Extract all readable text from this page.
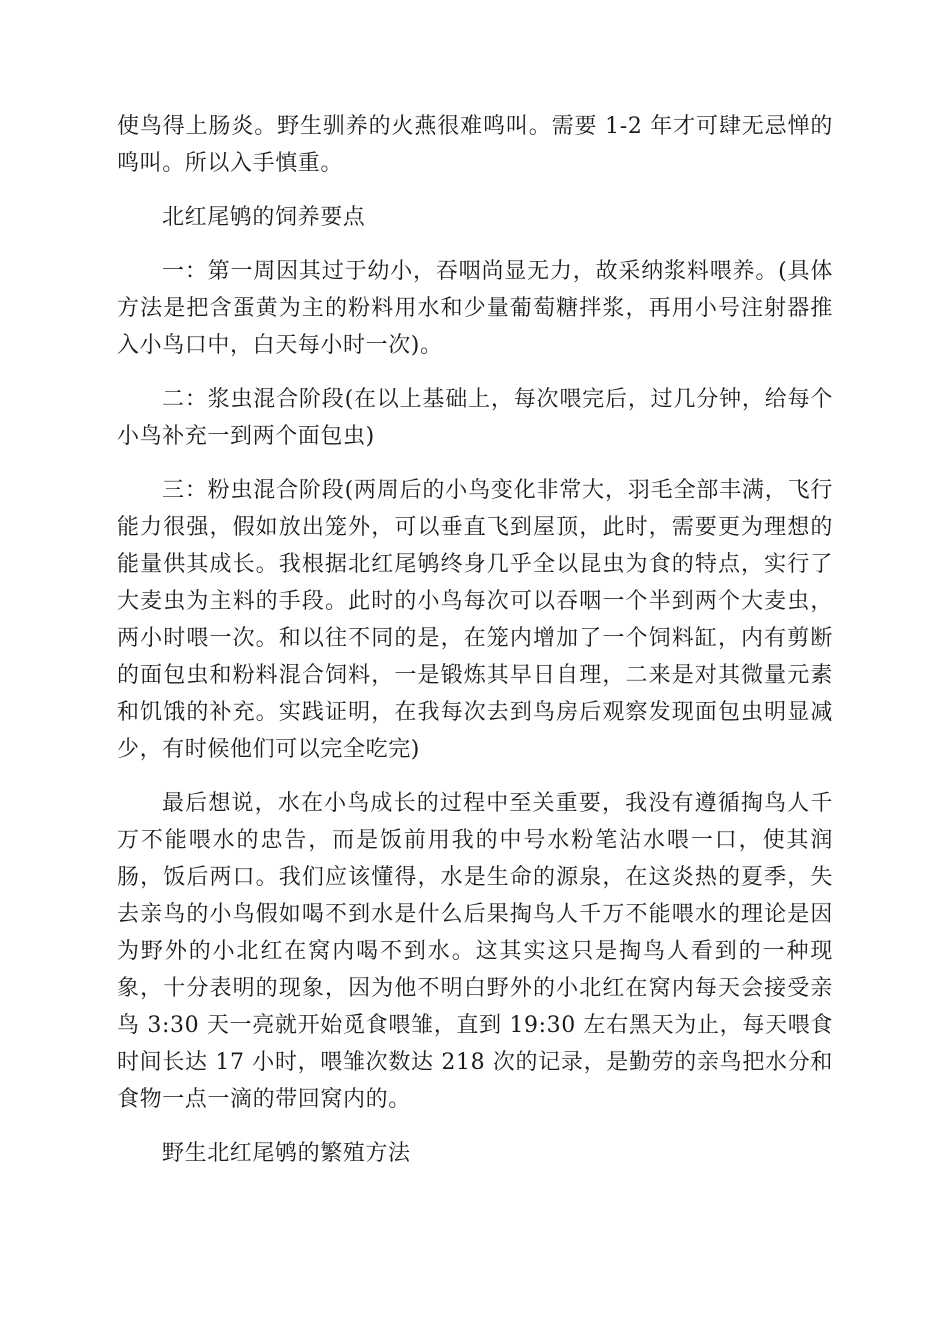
使鸟得上肠炎。野生驯养的火燕很难鸣叫。需要 1-2 年才可肆无忌惮的鸣叫。所以入手慎重。

北红尾鸲的饲养要点

一：第一周因其过于幼小，吞咽尚显无力，故采纳浆料喂养。(具体方法是把含蛋黄为主的粉料用水和少量葡萄糖拌浆，再用小号注射器推入小鸟口中，白天每小时一次)。

二：浆虫混合阶段(在以上基础上，每次喂完后，过几分钟，给每个小鸟补充一到两个面包虫)

三：粉虫混合阶段(两周后的小鸟变化非常大，羽毛全部丰满，飞行能力很强，假如放出笼外，可以垂直飞到屋顶，此时，需要更为理想的能量供其成长。我根据北红尾鸲终身几乎全以昆虫为食的特点，实行了大麦虫为主料的手段。此时的小鸟每次可以吞咽一个半到两个大麦虫，两小时喂一次。和以往不同的是，在笼内增加了一个饲料缸，内有剪断的面包虫和粉料混合饲料，一是锻炼其早日自理，二来是对其微量元素和饥饿的补充。实践证明，在我每次去到鸟房后观察发现面包虫明显减少，有时候他们可以完全吃完)

最后想说，水在小鸟成长的过程中至关重要，我没有遵循掏鸟人千万不能喂水的忠告，而是饭前用我的中号水粉笔沾水喂一口，使其润肠，饭后两口。我们应该懂得，水是生命的源泉，在这炎热的夏季，失去亲鸟的小鸟假如喝不到水是什么后果掏鸟人千万不能喂水的理论是因为野外的小北红在窝内喝不到水。这其实这只是掏鸟人看到的一种现象，十分表明的现象，因为他不明白野外的小北红在窝内每天会接受亲鸟 3:30 天一亮就开始觅食喂雏，直到 19:30 左右黑天为止，每天喂食时间长达 17 小时，喂雏次数达 218 次的记录，是勤劳的亲鸟把水分和食物一点一滴的带回窝内的。

野生北红尾鸲的繁殖方法
